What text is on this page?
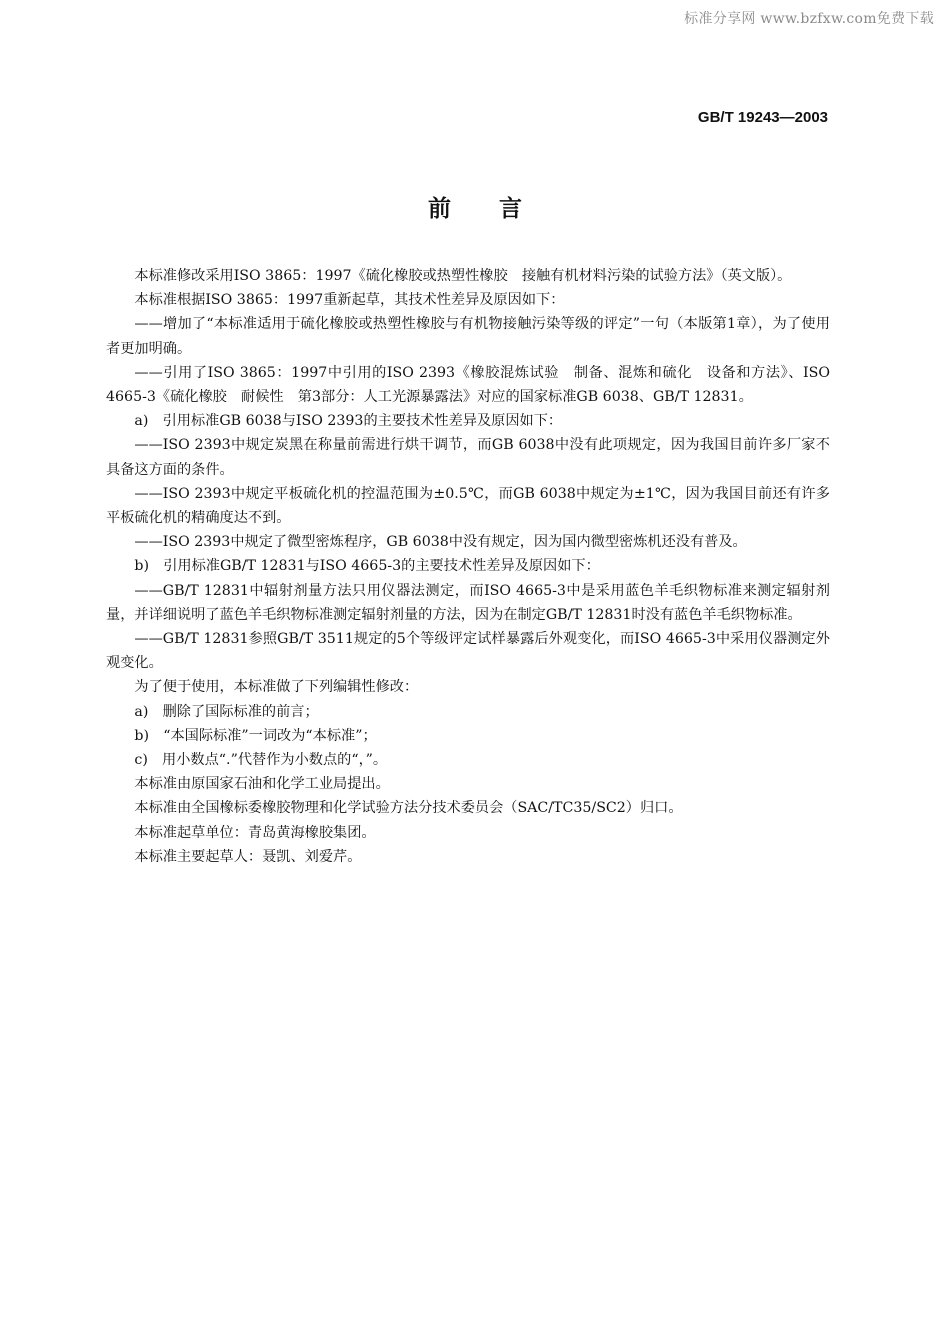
标准分享网 www.bzfxw.com免费下载
GB/T 19243—2003
前言

本标准修改采用ISO 3865：1997《硫化橡胶或热塑性橡胶　接触有机材料污染的试验方法》（英文版）。

本标准根据ISO 3865：1997重新起草，其技术性差异及原因如下：

——增加了“本标准适用于硫化橡胶或热塑性橡胶与有机物接触污染等级的评定”一句（本版第1章），为了使用者更加明确。

——引用了ISO 3865：1997中引用的ISO 2393《橡胶混炼试验　制备、混炼和硫化　设备和方法》、ISO 4665-3《硫化橡胶　耐候性　第3部分：人工光源暴露法》对应的国家标准GB 6038、GB/T 12831。

a)　引用标准GB 6038与ISO 2393的主要技术性差异及原因如下：

——ISO 2393中规定炭黑在称量前需进行烘干调节，而GB 6038中没有此项规定，因为我国目前许多厂家不具备这方面的条件。

——ISO 2393中规定平板硫化机的控温范围为±0.5℃，而GB 6038中规定为±1℃，因为我国目前还有许多平板硫化机的精确度达不到。

——ISO 2393中规定了微型密炼程序，GB 6038中没有规定，因为国内微型密炼机还没有普及。

b)　引用标准GB/T 12831与ISO 4665-3的主要技术性差异及原因如下：

——GB/T 12831中辐射剂量方法只用仪器法测定，而ISO 4665-3中是采用蓝色羊毛织物标准来测定辐射剂量，并详细说明了蓝色羊毛织物标准测定辐射剂量的方法，因为在制定GB/T 12831时没有蓝色羊毛织物标准。

——GB/T 12831参照GB/T 3511规定的5个等级评定试样暴露后外观变化，而ISO 4665-3中采用仪器测定外观变化。

为了便于使用，本标准做了下列编辑性修改：

a)　删除了国际标准的前言；

b)　“本国际标准”一词改为“本标准”；

c)　用小数点“.”代替作为小数点的“，”。

本标准由原国家石油和化学工业局提出。

本标准由全国橡标委橡胶物理和化学试验方法分技术委员会（SAC/TC35/SC2）归口。

本标准起草单位：青岛黄海橡胶集团。

本标准主要起草人：聂凯、刘爱芹。
